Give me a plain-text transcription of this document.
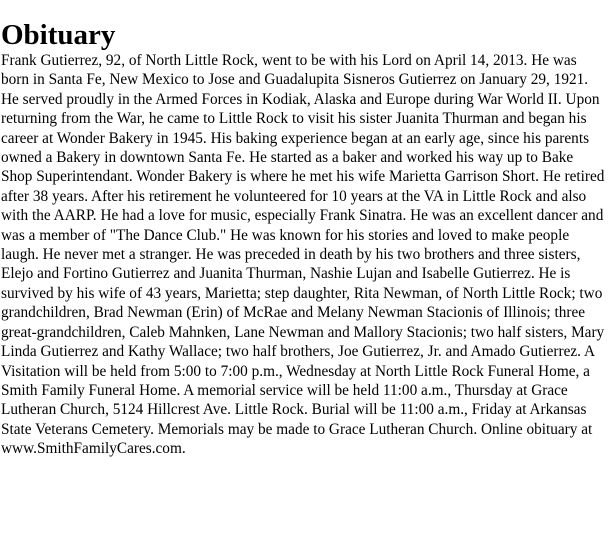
Obituary

Frank Gutierrez, 92, of North Little Rock, went to be with his Lord on April 14, 2013. He was born in Santa Fe, New Mexico to Jose and Guadalupita Sisneros Gutierrez on January 29, 1921. He served proudly in the Armed Forces in Kodiak, Alaska and Europe during War World II. Upon returning from the War, he came to Little Rock to visit his sister Juanita Thurman and began his career at Wonder Bakery in 1945. His baking experience began at an early age, since his parents owned a Bakery in downtown Santa Fe. He started as a baker and worked his way up to Bake Shop Superintendant. Wonder Bakery is where he met his wife Marietta Garrison Short. He retired after 38 years. After his retirement he volunteered for 10 years at the VA in Little Rock and also with the AARP. He had a love for music, especially Frank Sinatra. He was an excellent dancer and was a member of "The Dance Club." He was known for his stories and loved to make people laugh. He never met a stranger. He was preceded in death by his two brothers and three sisters, Elejo and Fortino Gutierrez and Juanita Thurman, Nashie Lujan and Isabelle Gutierrez. He is survived by his wife of 43 years, Marietta; step daughter, Rita Newman, of North Little Rock; two grandchildren, Brad Newman (Erin) of McRae and Melany Newman Stacionis of Illinois; three great-grandchildren, Caleb Mahnken, Lane Newman and Mallory Stacionis; two half sisters, Mary Linda Gutierrez and Kathy Wallace; two half brothers, Joe Gutierrez, Jr. and Amado Gutierrez. A Visitation will be held from 5:00 to 7:00 p.m., Wednesday at North Little Rock Funeral Home, a Smith Family Funeral Home. A memorial service will be held 11:00 a.m., Thursday at Grace Lutheran Church, 5124 Hillcrest Ave. Little Rock. Burial will be 11:00 a.m., Friday at Arkansas State Veterans Cemetery. Memorials may be made to Grace Lutheran Church. Online obituary at www.SmithFamilyCares.com.
